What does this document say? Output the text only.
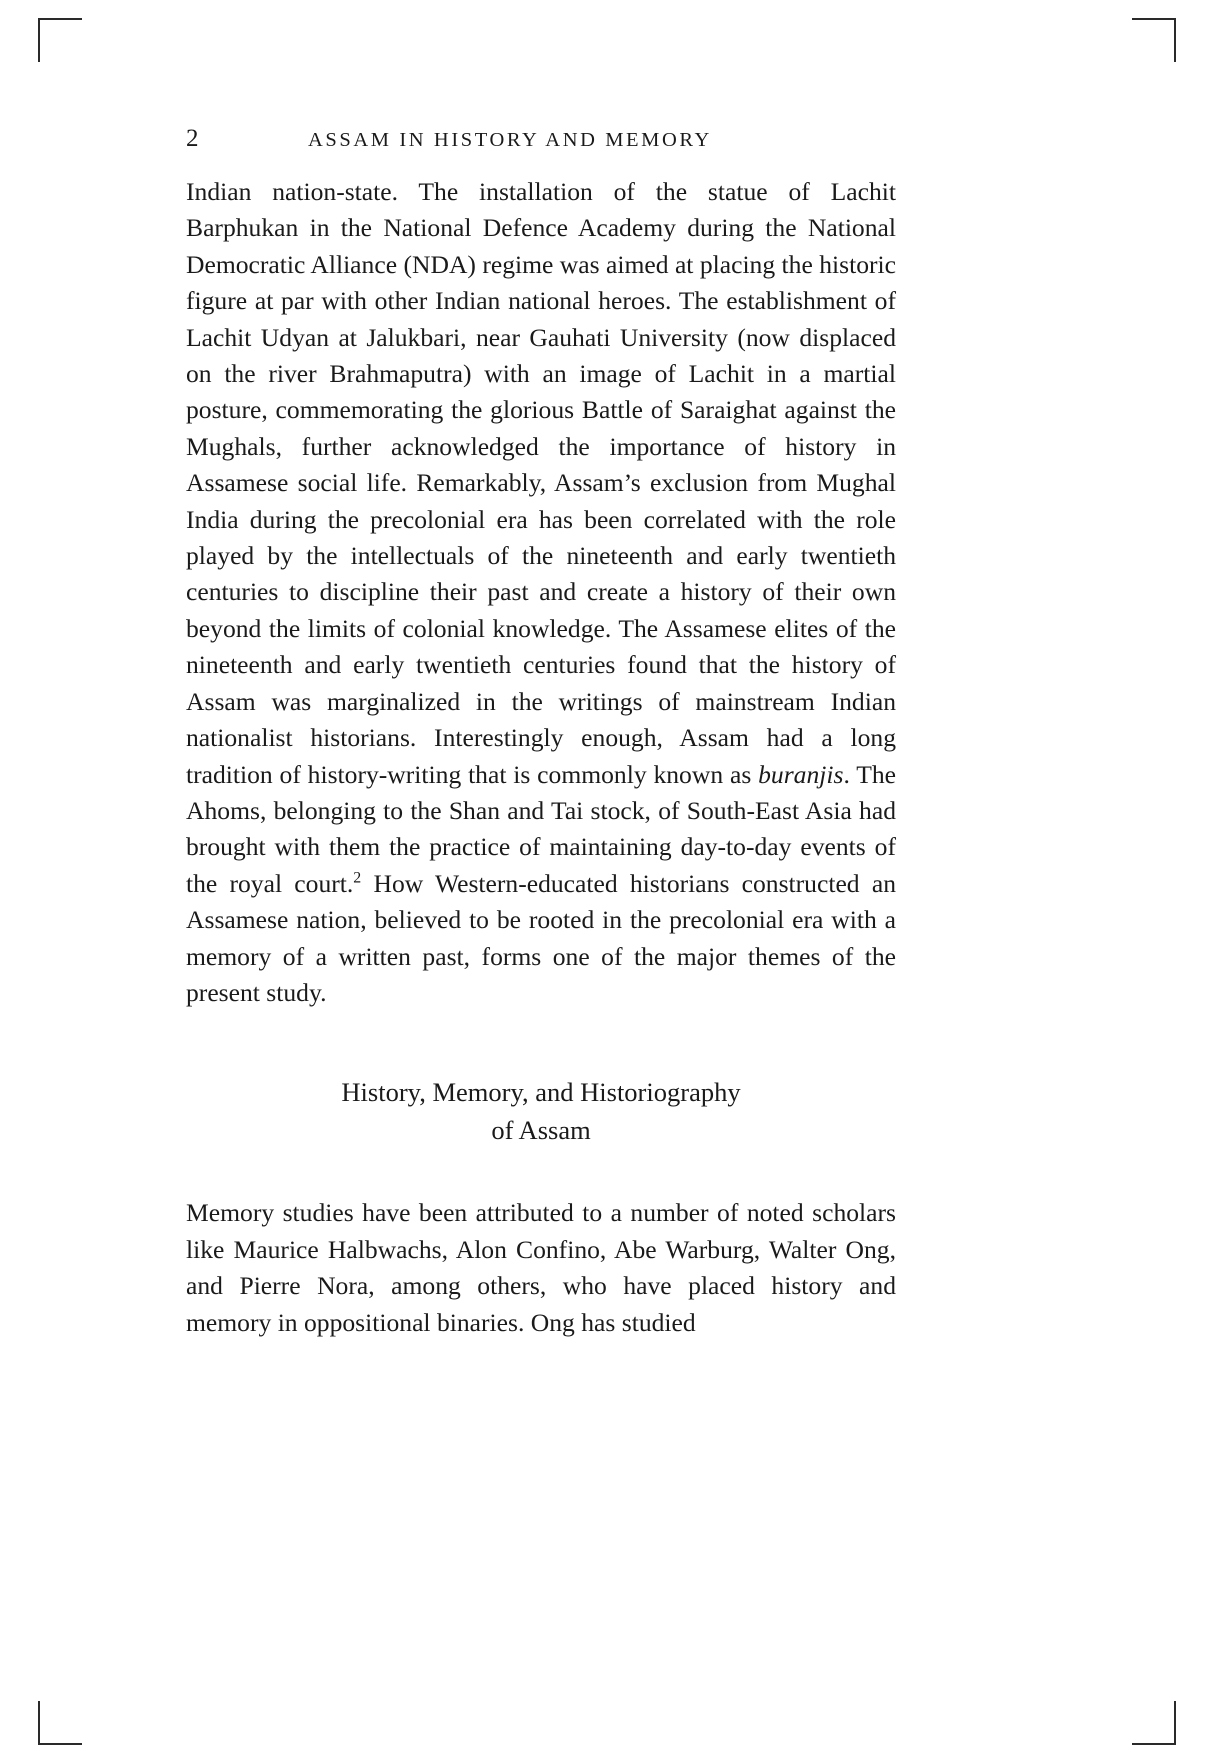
2	ASSAM IN HISTORY AND MEMORY

Indian nation-state. The installation of the statue of Lachit Barphukan in the National Defence Academy during the National Democratic Alliance (NDA) regime was aimed at placing the historic figure at par with other Indian national heroes. The establishment of Lachit Udyan at Jalukbari, near Gauhati University (now displaced on the river Brahmaputra) with an image of Lachit in a martial posture, commemorating the glorious Battle of Saraighat against the Mughals, further acknowledged the importance of history in Assamese social life. Remarkably, Assam’s exclusion from Mughal India during the precolonial era has been correlated with the role played by the intellectuals of the nineteenth and early twentieth centuries to discipline their past and create a history of their own beyond the limits of colonial knowledge. The Assamese elites of the nineteenth and early twentieth centuries found that the history of Assam was marginalized in the writings of mainstream Indian nationalist historians. Interestingly enough, Assam had a long tradition of history-writing that is commonly known as buranjis. The Ahoms, belonging to the Shan and Tai stock, of South-East Asia had brought with them the practice of maintaining day-to-day events of the royal court.$^2$ How Western-educated historians constructed an Assamese nation, believed to be rooted in the precolonial era with a memory of a written past, forms one of the major themes of the present study.

History, Memory, and Historiography
of Assam

Memory studies have been attributed to a number of noted scholars like Maurice Halbwachs, Alon Confino, Abe Warburg, Walter Ong, and Pierre Nora, among others, who have placed history and memory in oppositional binaries. Ong has studied
